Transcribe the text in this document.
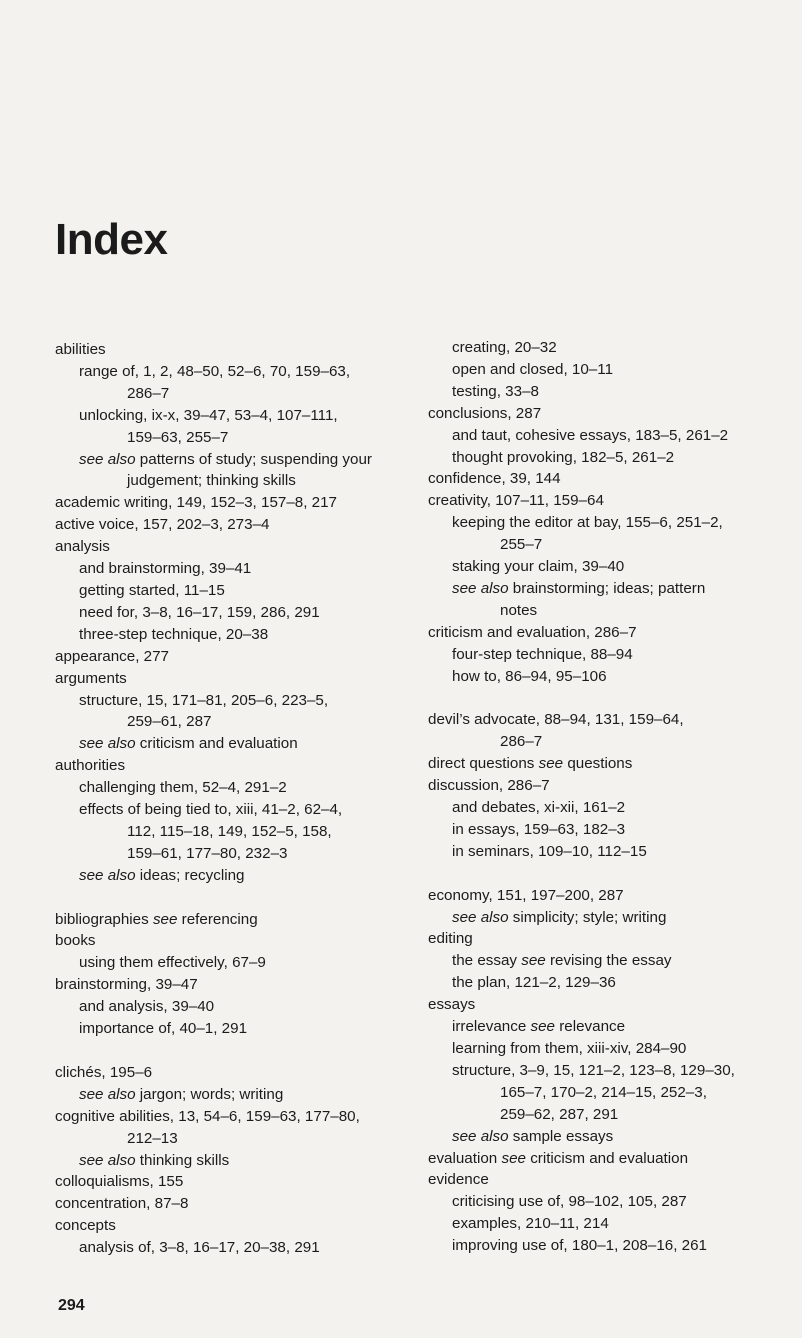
Index
abilities
range of, 1, 2, 48–50, 52–6, 70, 159–63,
286–7
unlocking, ix-x, 39–47, 53–4, 107–111,
159–63, 255–7
see also patterns of study; suspending your
judgement; thinking skills
academic writing, 149, 152–3, 157–8, 217
active voice, 157, 202–3, 273–4
analysis
and brainstorming, 39–41
getting started, 11–15
need for, 3–8, 16–17, 159, 286, 291
three-step technique, 20–38
appearance, 277
arguments
structure, 15, 171–81, 205–6, 223–5,
259–61, 287
see also criticism and evaluation
authorities
challenging them, 52–4, 291–2
effects of being tied to, xiii, 41–2, 62–4,
112, 115–18, 149, 152–5, 158,
159–61, 177–80, 232–3
see also ideas; recycling
bibliographies see referencing
books
using them effectively, 67–9
brainstorming, 39–47
and analysis, 39–40
importance of, 40–1, 291
clichés, 195–6
see also jargon; words; writing
cognitive abilities, 13, 54–6, 159–63, 177–80,
212–13
see also thinking skills
colloquialisms, 155
concentration, 87–8
concepts
analysis of, 3–8, 16–17, 20–38, 291
creating, 20–32
open and closed, 10–11
testing, 33–8
conclusions, 287
and taut, cohesive essays, 183–5, 261–2
thought provoking, 182–5, 261–2
confidence, 39, 144
creativity, 107–11, 159–64
keeping the editor at bay, 155–6, 251–2,
255–7
staking your claim, 39–40
see also brainstorming; ideas; pattern
notes
criticism and evaluation, 286–7
four-step technique, 88–94
how to, 86–94, 95–106
devil’s advocate, 88–94, 131, 159–64,
286–7
direct questions see questions
discussion, 286–7
and debates, xi-xii, 161–2
in essays, 159–63, 182–3
in seminars, 109–10, 112–15
economy, 151, 197–200, 287
see also simplicity; style; writing
editing
the essay see revising the essay
the plan, 121–2, 129–36
essays
irrelevance see relevance
learning from them, xiii-xiv, 284–90
structure, 3–9, 15, 121–2, 123–8, 129–30,
165–7, 170–2, 214–15, 252–3,
259–62, 287, 291
see also sample essays
evaluation see criticism and evaluation
evidence
criticising use of, 98–102, 105, 287
examples, 210–11, 214
improving use of, 180–1, 208–16, 261
294
